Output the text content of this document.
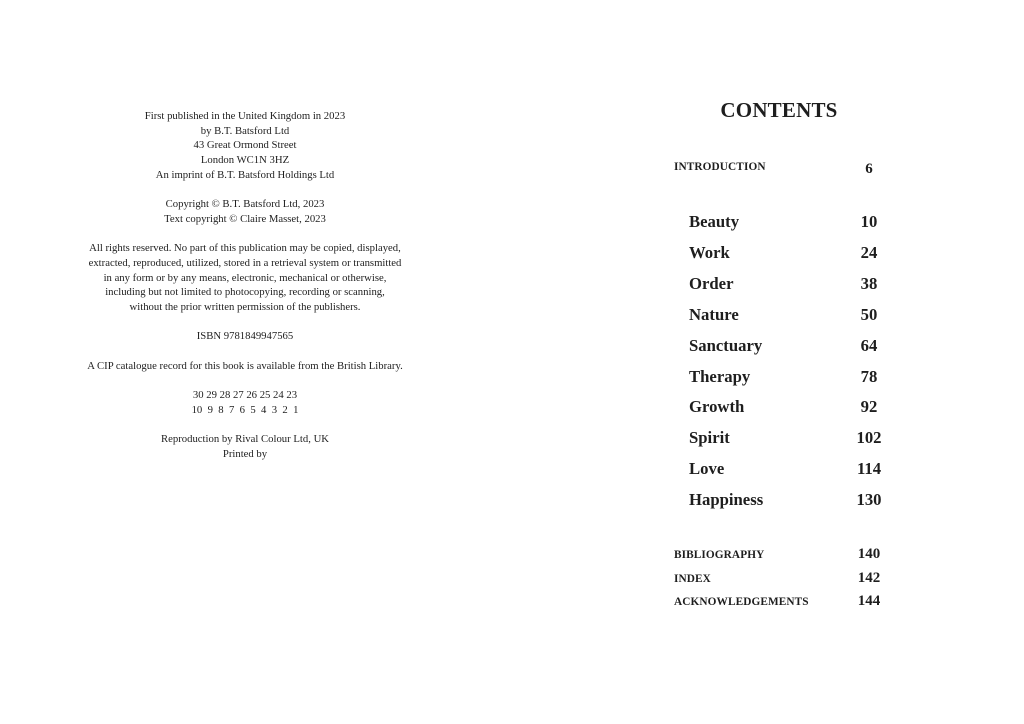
First published in the United Kingdom in 2023
by B.T. Batsford Ltd
43 Great Ormond Street
London WC1N 3HZ
An imprint of B.T. Batsford Holdings Ltd
Copyright © B.T. Batsford Ltd, 2023
Text copyright © Claire Masset, 2023
All rights reserved. No part of this publication may be copied, displayed,
extracted, reproduced, utilized, stored in a retrieval system or transmitted
in any form or by any means, electronic, mechanical or otherwise,
including but not limited to photocopying, recording or scanning,
without the prior written permission of the publishers.
ISBN 9781849947565
A CIP catalogue record for this book is available from the British Library.
30 29 28 27 26 25 24 23
10  9  8  7  6  5  4  3  2  1
Reproduction by Rival Colour Ltd, UK
Printed by
CONTENTS
INTRODUCTION	6
Beauty	10
Work	24
Order	38
Nature	50
Sanctuary	64
Therapy	78
Growth	92
Spirit	102
Love	114
Happiness	130
BIBLIOGRAPHY	140
INDEX	142
ACKNOWLEDGEMENTS	144
